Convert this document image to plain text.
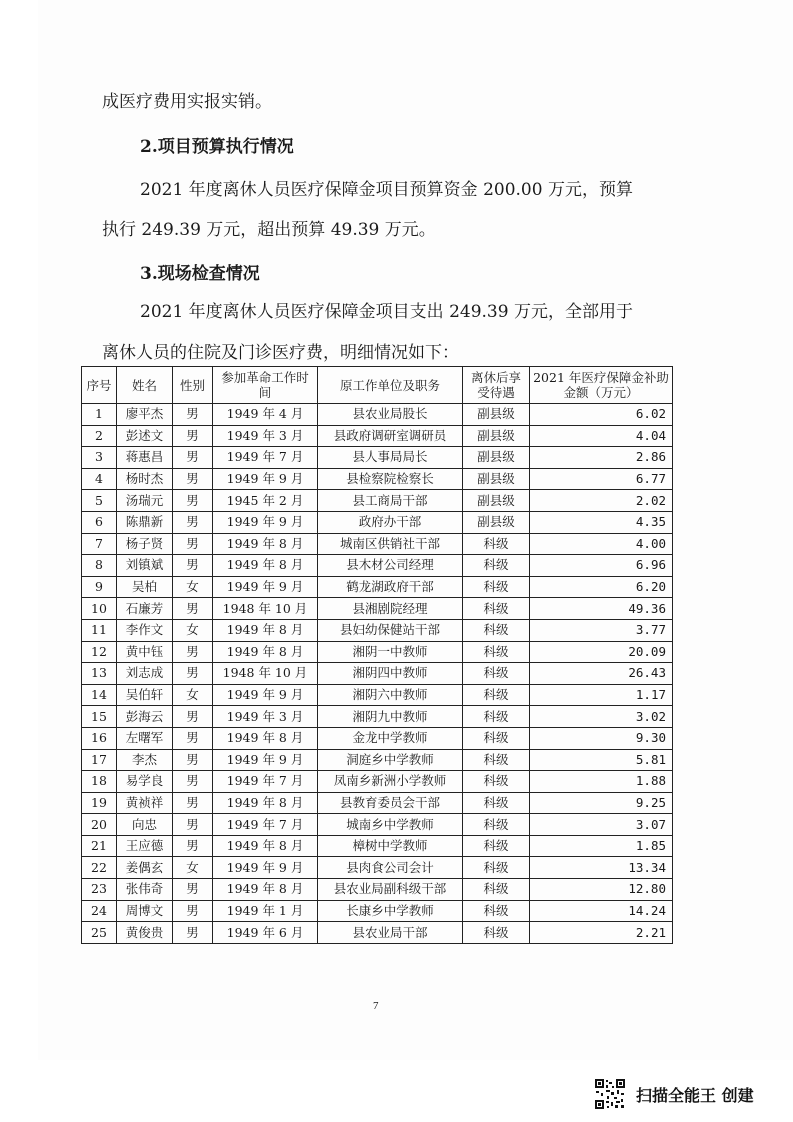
成医疗费用实报实销。
2.项目预算执行情况
2021 年度离休人员医疗保障金项目预算资金 200.00 万元，预算
执行 249.39 万元，超出预算 49.39 万元。
3.现场检查情况
2021 年度离休人员医疗保障金项目支出 249.39 万元，全部用于
离休人员的住院及门诊医疗费，明细情况如下：
序号	姓名	性别	参加革命工作时间	原工作单位及职务	离休后享受待遇	2021 年医疗保障金补助金额（万元）
1	廖平杰	男	1949 年 4 月	县农业局股长	副县级	6.02
2	彭述文	男	1949 年 3 月	县政府调研室调研员	副县级	4.04
3	蒋惠昌	男	1949 年 7 月	县人事局局长	副县级	2.86
4	杨时杰	男	1949 年 9 月	县检察院检察长	副县级	6.77
5	汤瑞元	男	1945 年 2 月	县工商局干部	副县级	2.02
6	陈鼎新	男	1949 年 9 月	政府办干部	副县级	4.35
7	杨子贤	男	1949 年 8 月	城南区供销社干部	科级	4.00
8	刘镇斌	男	1949 年 8 月	县木材公司经理	科级	6.96
9	吴柏	女	1949 年 9 月	鹤龙湖政府干部	科级	6.20
10	石廉芳	男	1948 年 10 月	县湘剧院经理	科级	49.36
11	李作文	女	1949 年 8 月	县妇幼保健站干部	科级	3.77
12	黄中钰	男	1949 年 8 月	湘阴一中教师	科级	20.09
13	刘志成	男	1948 年 10 月	湘阴四中教师	科级	26.43
14	吴伯轩	女	1949 年 9 月	湘阴六中教师	科级	1.17
15	彭海云	男	1949 年 3 月	湘阴九中教师	科级	3.02
16	左曙军	男	1949 年 8 月	金龙中学教师	科级	9.30
17	李杰	男	1949 年 9 月	洞庭乡中学教师	科级	5.81
18	易学良	男	1949 年 7 月	凤南乡新洲小学教师	科级	1.88
19	黄祯祥	男	1949 年 8 月	县教育委员会干部	科级	9.25
20	向忠	男	1949 年 7 月	城南乡中学教师	科级	3.07
21	王应德	男	1949 年 8 月	樟树中学教师	科级	1.85
22	姜偶玄	女	1949 年 9 月	县肉食公司会计	科级	13.34
23	张伟奇	男	1949 年 8 月	县农业局副科级干部	科级	12.80
24	周博文	男	1949 年 1 月	长康乡中学教师	科级	14.24
25	黄俊贵	男	1949 年 6 月	县农业局干部	科级	2.21
7
扫描全能王 创建
